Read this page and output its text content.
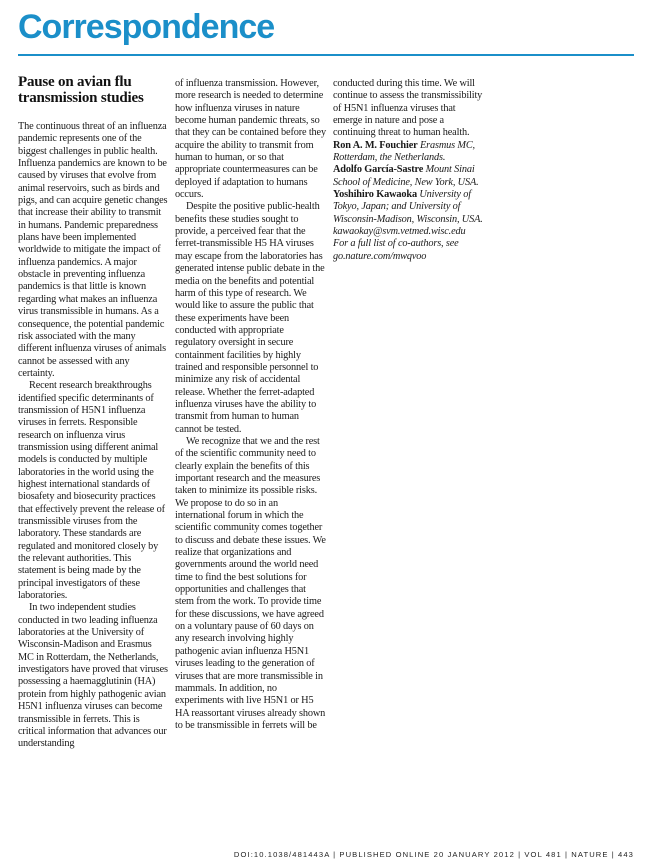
Correspondence
Pause on avian flu transmission studies

The continuous threat of an influenza pandemic represents one of the biggest challenges in public health. Influenza pandemics are known to be caused by viruses that evolve from animal reservoirs, such as birds and pigs, and can acquire genetic changes that increase their ability to transmit in humans. Pandemic preparedness plans have been implemented worldwide to mitigate the impact of influenza pandemics. A major obstacle in preventing influenza pandemics is that little is known regarding what makes an influenza virus transmissible in humans. As a consequence, the potential pandemic risk associated with the many different influenza viruses of animals cannot be assessed with any certainty.

Recent research breakthroughs identified specific determinants of transmission of H5N1 influenza viruses in ferrets. Responsible research on influenza virus transmission using different animal models is conducted by multiple laboratories in the world using the highest international standards of biosafety and biosecurity practices that effectively prevent the release of transmissible viruses from the laboratory. These standards are regulated and monitored closely by the relevant authorities. This statement is being made by the principal investigators of these laboratories.

In two independent studies conducted in two leading influenza laboratories at the University of Wisconsin-Madison and Erasmus MC in Rotterdam, the Netherlands, investigators have proved that viruses possessing a haemagglutinin (HA) protein from highly pathogenic avian H5N1 influenza viruses can become transmissible in ferrets. This is critical information that advances our understanding

of influenza transmission. However, more research is needed to determine how influenza viruses in nature become human pandemic threats, so that they can be contained before they acquire the ability to transmit from human to human, or so that appropriate countermeasures can be deployed if adaptation to humans occurs.

Despite the positive public-health benefits these studies sought to provide, a perceived fear that the ferret-transmissible H5 HA viruses may escape from the laboratories has generated intense public debate in the media on the benefits and potential harm of this type of research. We would like to assure the public that these experiments have been conducted with appropriate regulatory oversight in secure containment facilities by highly trained and responsible personnel to minimize any risk of accidental release. Whether the ferret-adapted influenza viruses have the ability to transmit from human to human cannot be tested.

We recognize that we and the rest of the scientific community need to clearly explain the benefits of this important research and the measures taken to minimize its possible risks. We propose to do so in an international forum in which the scientific community comes together to discuss and debate these issues. We realize that organizations and governments around the world need time to find the best solutions for opportunities and challenges that stem from the work. To provide time for these discussions, we have agreed on a voluntary pause of 60 days on any research involving highly pathogenic avian influenza H5N1 viruses leading to the generation of viruses that are more transmissible in mammals. In addition, no experiments with live H5N1 or H5 HA reassortant viruses already shown to be transmissible in ferrets will be

conducted during this time. We will continue to assess the transmissibility of H5N1 influenza viruses that emerge in nature and pose a continuing threat to human health.

Ron A. M. Fouchier Erasmus MC, Rotterdam, the Netherlands.

Adolfo García-Sastre Mount Sinai School of Medicine, New York, USA.

Yoshihiro Kawaoka University of Tokyo, Japan; and University of Wisconsin-Madison, Wisconsin, USA.

kawaokay@svm.vetmed.wisc.edu

For a full list of co-authors, see go.nature.com/mwqvoo

DOI:10.1038/481443A | PUBLISHED ONLINE 20 JANUARY 2012 | VOL 481 | NATURE | 443
